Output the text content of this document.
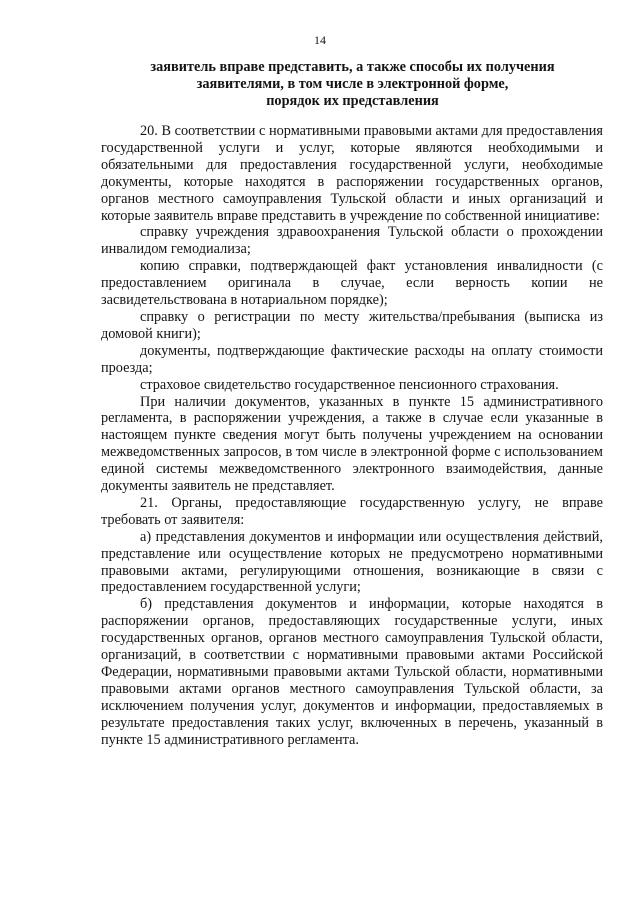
14
заявитель вправе представить, а также способы их получения
заявителями, в том числе в электронной форме,
порядок их представления

20. В соответствии с нормативными правовыми актами для предоставления государственной услуги и услуг, которые являются необходимыми и обязательными для предоставления государственной услуги, необходимые документы, которые находятся в распоряжении государственных органов, органов местного самоуправления Тульской области и иных организаций и которые заявитель вправе представить в учреждение по собственной инициативе:

справку учреждения здравоохранения Тульской области о прохождении инвалидом гемодиализа;

копию справки, подтверждающей факт установления инвалидности (с предоставлением оригинала в случае, если верность копии не засвидетельствована в нотариальном порядке);

справку о регистрации по месту жительства/пребывания (выписка из домовой книги);

документы, подтверждающие фактические расходы на оплату стоимости проезда;

страховое свидетельство государственное пенсионного страхования.

При наличии документов, указанных в пункте 15 административного регламента, в распоряжении учреждения, а также в случае если указанные в настоящем пункте сведения могут быть получены учреждением на основании межведомственных запросов, в том числе в электронной форме с использованием единой системы межведомственного электронного взаимодействия, данные документы заявитель не представляет.

21. Органы, предоставляющие государственную услугу, не вправе требовать от заявителя:

а) представления документов и информации или осуществления действий, представление или осуществление которых не предусмотрено нормативными правовыми актами, регулирующими отношения, возникающие в связи с предоставлением государственной услуги;

б) представления документов и информации, которые находятся в распоряжении органов, предоставляющих государственные услуги, иных государственных органов, органов местного самоуправления Тульской области, организаций, в соответствии с нормативными правовыми актами Российской Федерации, нормативными правовыми актами Тульской области, нормативными правовыми актами органов местного самоуправления Тульской области, за исключением получения услуг, документов и информации, предоставляемых в результате предоставления таких услуг, включенных в перечень, указанный в пункте 15 административного регламента.
